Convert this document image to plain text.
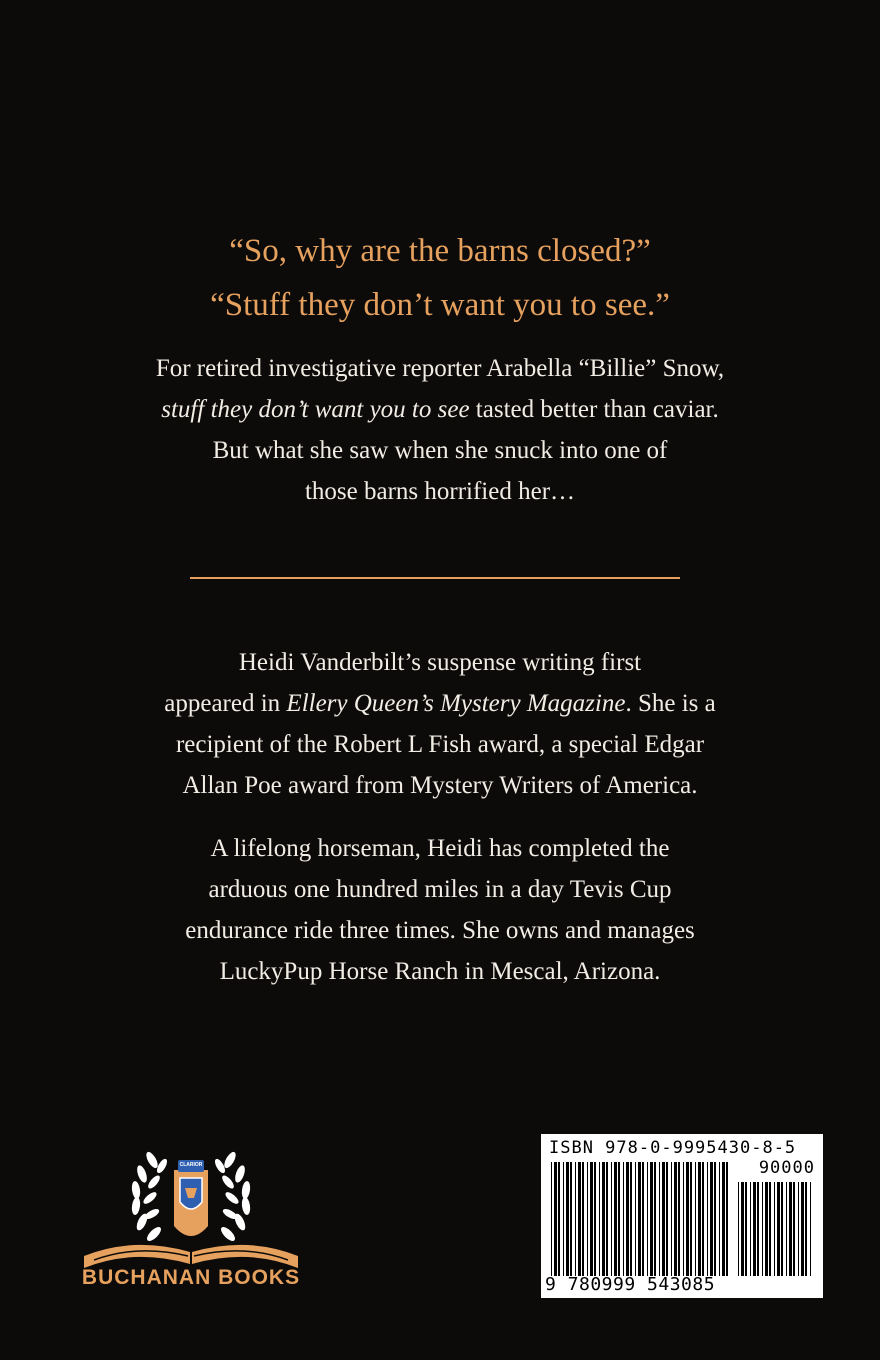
“So, why are the barns closed?”
“Stuff they don’t want you to see.”
For retired investigative reporter Arabella “Billie” Snow,
stuff they don’t want you to see tasted better than caviar.
But what she saw when she snuck into one of
those barns horrified her…
Heidi Vanderbilt’s suspense writing first
appeared in Ellery Queen’s Mystery Magazine. She is a
recipient of the Robert L Fish award, a special Edgar
Allan Poe award from Mystery Writers of America.
A lifelong horseman, Heidi has completed the
arduous one hundred miles in a day Tevis Cup
endurance ride three times. She owns and manages
LuckyPup Horse Ranch in Mescal, Arizona.
CLARIOR
BUCHANAN BOOKS
ISBN 978-0-9995430-8-5
90000
9 780999 543085
